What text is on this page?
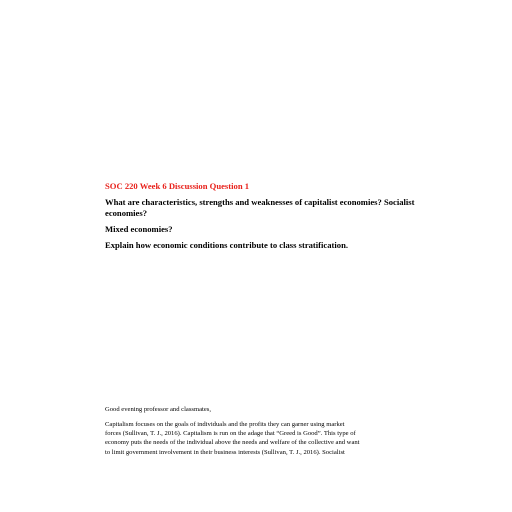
SOC 220 Week 6 Discussion Question 1
What are characteristics, strengths and weaknesses of capitalist economies? Socialist economies?
Mixed economies?
Explain how economic conditions contribute to class stratification.
Good evening professor and classmates,
Capitalism focuses on the goals of individuals and the profits they can garner using market
forces (Sullivan, T. J., 2016). Capitalism is run on the adage that “Greed is Good”. This type of
economy puts the needs of the individual above the needs and welfare of the collective and want
to limit government involvement in their business interests (Sullivan, T. J., 2016). Socialist
